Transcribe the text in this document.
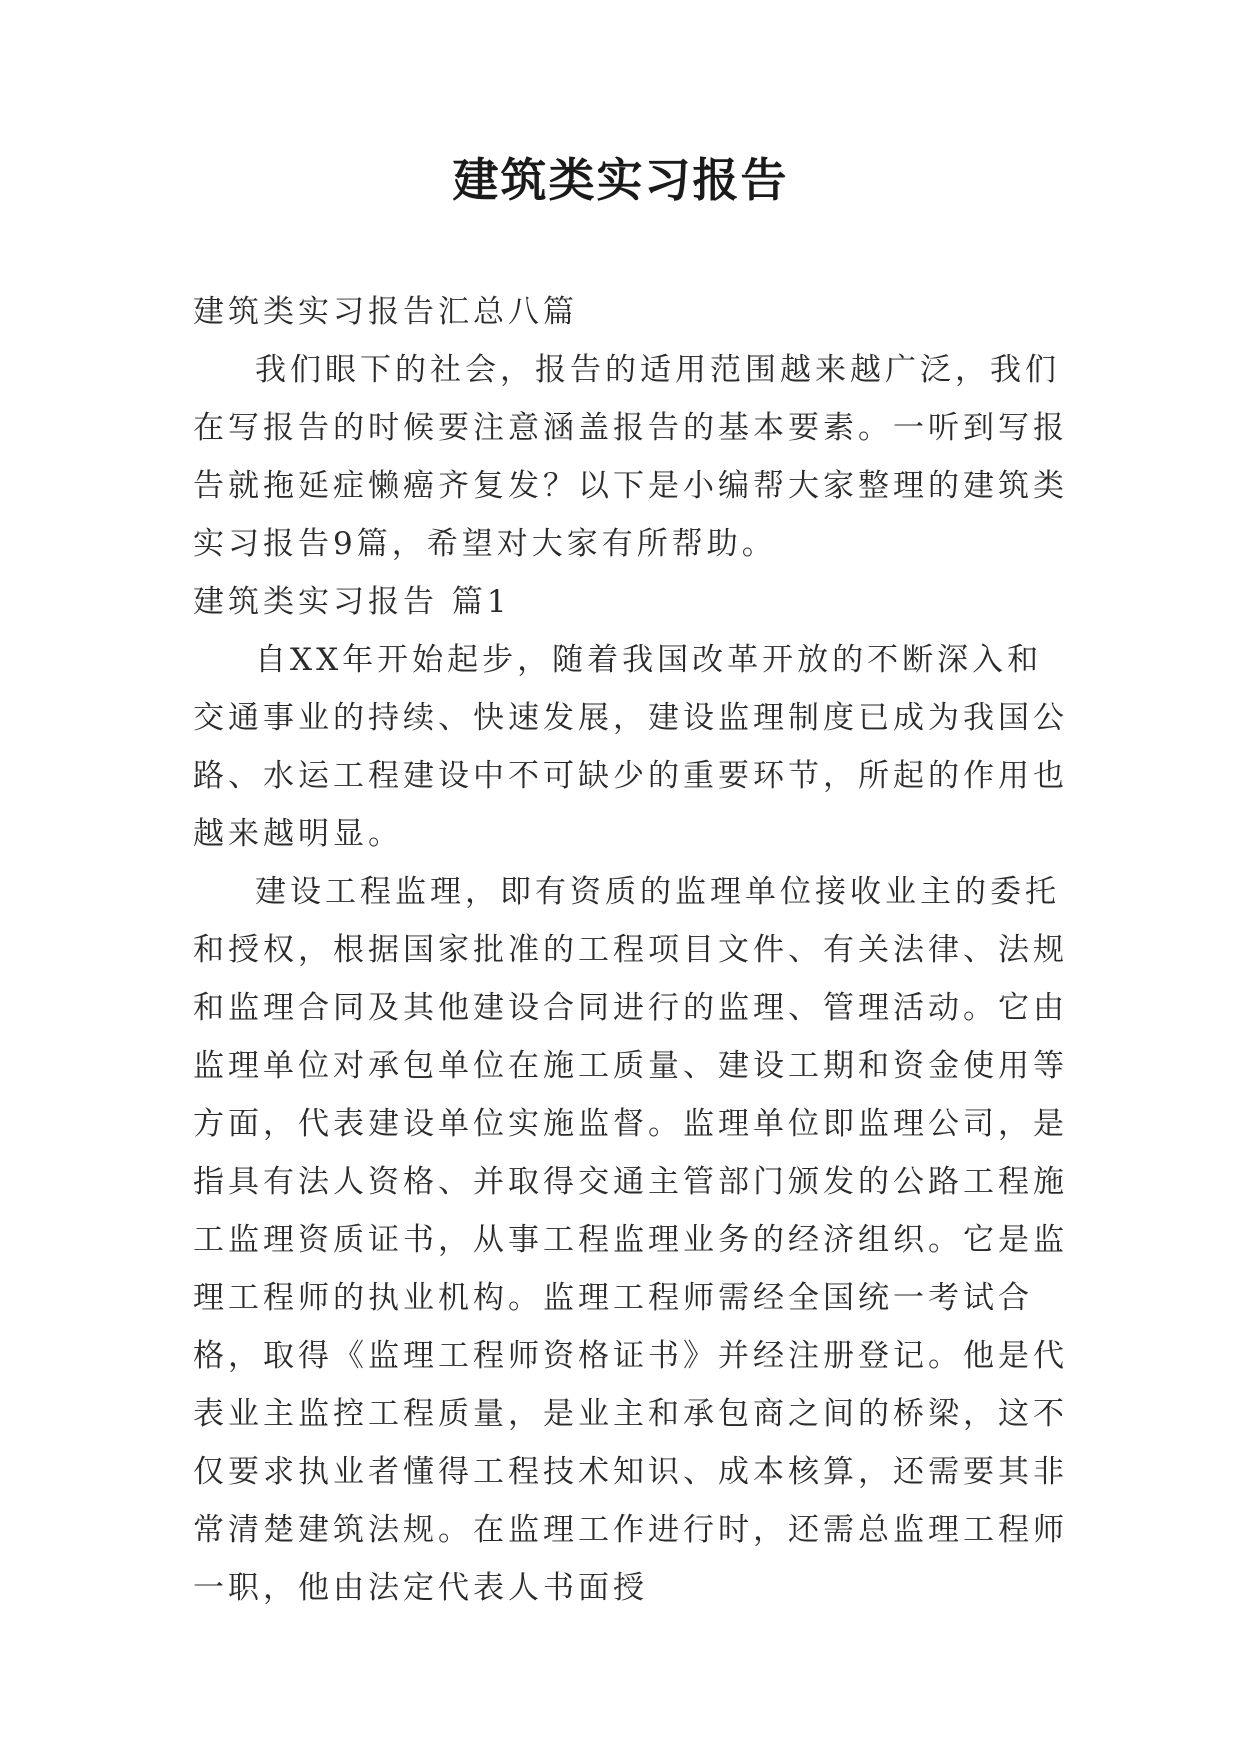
建筑类实习报告

建筑类实习报告汇总八篇

我们眼下的社会，报告的适用范围越来越广泛，我们在写报告的时候要注意涵盖报告的基本要素。一听到写报告就拖延症懒癌齐复发？以下是小编帮大家整理的建筑类实习报告9篇，希望对大家有所帮助。

建筑类实习报告 篇1

自XX年开始起步，随着我国改革开放的不断深入和交通事业的持续、快速发展，建设监理制度已成为我国公路、水运工程建设中不可缺少的重要环节，所起的作用也越来越明显。

建设工程监理，即有资质的监理单位接收业主的委托和授权，根据国家批准的工程项目文件、有关法律、法规和监理合同及其他建设合同进行的监理、管理活动。它由监理单位对承包单位在施工质量、建设工期和资金使用等方面，代表建设单位实施监督。监理单位即监理公司，是指具有法人资格、并取得交通主管部门颁发的公路工程施工监理资质证书，从事工程监理业务的经济组织。它是监理工程师的执业机构。监理工程师需经全国统一考试合格，取得《监理工程师资格证书》并经注册登记。他是代表业主监控工程质量，是业主和承包商之间的桥梁，这不仅要求执业者懂得工程技术知识、成本核算，还需要其非常清楚建筑法规。在监理工作进行时，还需总监理工程师一职，他由法定代表人书面授
